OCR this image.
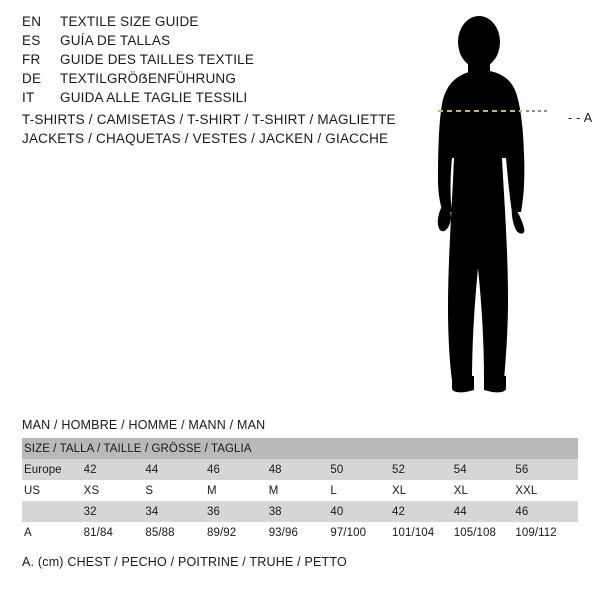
EN	TEXTILE SIZE GUIDE
ES	GUÍA DE TALLAS
FR	GUIDE DES TAILLES TEXTILE
DE	TEXTILGRÖẞENFÜHRUNG
IT	GUIDA ALLE TAGLIE TESSILI
T-SHIRTS / CAMISETAS / T-SHIRT / T-SHIRT / MAGLIETTE
JACKETS / CHAQUETAS / VESTES / JACKEN / GIACCHE
- - A
MAN / HOMBRE / HOMME / MANN / MAN
SIZE / TALLA / TAILLE / GRÖSSE / TAGLIA								
Europe	42	44	46	48	50	52	54	56
US	XS	S	M	M	L	XL	XL	XXL
	32	34	36	38	40	42	44	46
A	81/84	85/88	89/92	93/96	97/100	101/104	105/108	109/112
A. (cm) CHEST / PECHO / POITRINE / TRUHE / PETTO
